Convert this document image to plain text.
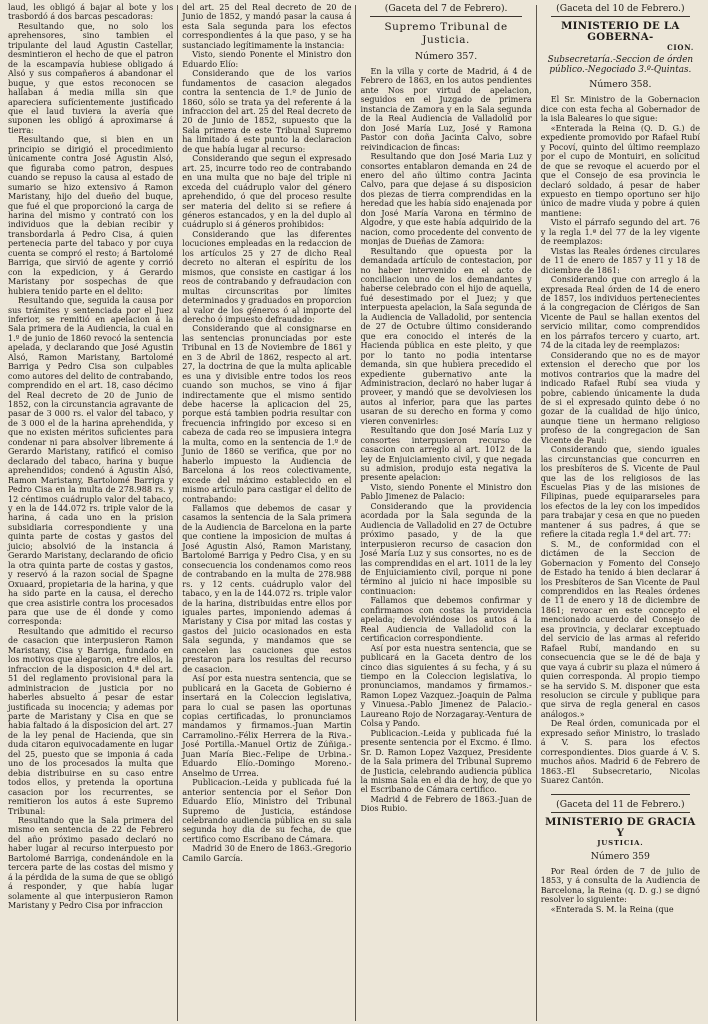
laud, les obligó á bajar al bote y los trasbordó á dos barcas pescadoras:

Resultando que, no solo los aprehensores, sino tambien el tripulante del laud Agustin Castellar, desmintieron el hecho de que el patron de la escampavía hubiese obligado á Alsó y sus compañeros á abandonar el buque, y que estos reconocen se hallaban á media milla sin que apareciera sufícientemente justificado que el laud tuviera la avería que suponen les obligó á aproximarse á tierra:

Resultando que, si bien en un principio se dirigió el procedimiento únicamente contra José Agustin Alsó, que figuraba como patron, despues cuando se repuso la causa al estado de sumario se hizo extensivo á Ramon Maristany, hijo del dueño del buque, que fué el que proporcionó la carga de harina del mismo y contrató con los individuos que la debian recibir y transbordarla á Pedro Cisa, á quien pertenecia parte del tabaco y por cuya cuenta se compró el resto; á Bartolomé Barriga, que sirvió de agente y corrió con la expedicion, y á Gerardo Maristany por sospechas de que hubiera tenido parte en el delito:

Resultando que, seguida la causa por sus trámites y sentenciada por el Juez inferior, se remitió en apelacion á la Sala primera de la Audiencia, la cual en 1.º de junio de 1860 revocó la sentencia apelada, y declarando que José Agustin Alsó, Ramon Maristany, Bartolomé Barriga y Pedro Cisa son culpables como autores del delito de contrabando, comprendido en el art. 18, caso décimo del Real decreto de 20 de Junio de 1852, con la circunstancia agravante de pasar de 3 000 rs. el valor del tabaco, y de 3 000 el de la harina aprehendida, y que no existen méritos suficientes para condenar ni para absolver libremente á Gerardo Maristany, ratificó el comiso declarado del tabaco, harina y buque aprehendidos; condenó á Agustin Alsó, Ramon Maristany, Bartolomé Barriga y Pedro Cisa en la multa de 278.988 rs. y 12 céntimos cuádruplo valor del tabaco, y en la de 144.072 rs. triple valor de la harina, á cada uno en la prision subsidiaria correspondiente y una quinta parte de costas y gastos del juicio; absolvió de la instancia á Gerardo Maristany, declarando de oficio la otra quinta parte de costas y gastos, y reservó á la razon social de Spagne Oxuaard, propietaria de la harina, y que ha sido parte en la causa, el derecho que crea asistirle contra los procesados para que use de él donde y como corresponda:

Resultando que admitido el recurso de casacion que interpusieron Ramon Maristany, Cisa y Barriga, fundado en los motivos que alegaron, entre ellos, la infraccion de la disposicion 4.ª del art. 51 del reglamento provisional para la administracion de justicia por no haberles absuelto á pesar de estar justificada su inocencia; y ademas por parte de Maristany y Cisa en que se habia faltado á la disposicion del art. 27 de la ley penal de Hacienda, que sin duda citaron equivocadamente en lugar del 25, puesto que se imponia á cada uno de los procesados la multa que debia distribuirse en su caso entre todos ellos, y pretenda la oportuna casacion por los recurrentes, se remitieron los autos á este Supremo Tribunal:

Resultando que la Sala primera del mismo en sentencia de 22 de Febrero del año próximo pasado declaró no haber lugar al recurso interpuesto por Bartolomé Barriga, condenándole en la tercera parte de las costas del mismo y á la pérdida de la suma de que se obligó á responder, y que había lugar solamente al que interpusieron Ramon Maristany y Pedro Cisa por infraccion

del art. 25 del Real decreto de 20 de Junio de 1852, y mandó pasar la causa á esta Sala segunda para los efectos correspondientes á la que paso, y se ha sustanciado legítimamente la instancia:

Visto, siendo Ponente el Ministro don Eduardo Elío:

Considerando que de los varios fundamentos de casacion alegados contra la sentencia de 1.º de Junio de 1860, sólo se trata ya del referente á la infraccion del art. 25 del Real decreto de 20 de Junio de 1852, supuesto que la Sala primera de este Tribunal Supremo ha limitado á este punto la declaracion de que había lugar al recurso:

Considerando que segun el expresado art. 25, incurre todo reo de contrabando en una multa que no baje del triple ni exceda del cuádruplo valor del género aprehendido, ó que del proceso resulte ser materia del delito si se refiere á géneros estancados, y en la del duplo al cuádruplo si á géneros prohibidos:

Considerando que las diferentes locuciones empleadas en la redaccion de los artículos 25 y 27 de dicho Real decreto no alteran el espíritu de los mismos, que consiste en castigar á los reos de contrabando y defraudacion con multas circunscritas por límites determinados y graduados en proporcion al valor de los géneros ó al importe del derecho ó impuesto defraudado:

Considerando que al consignarse en las sentencias pronunciadas por este Tribunal en 13 de Noviembre de 1861 y en 3 de Abril de 1862, respecto al art. 27, la doctrina de que la multa aplicable es una y divisible entre todos los reos cuando son muchos, se vino á fijar indirectamente que el mismo sentido debe hacerse la aplicacion del 25, porque está tambien podria resultar con frecuencia infringido por exceso si en cabeza de cada reo se impusiera integra la multa, como en la sentencia de 1.º de Junio de 1860 se verifica, que por no haberlo impuesto la Audiencia de Barcelona á los reos colectivamente, excede del máximo establecido en el mismo artículo para castigar el delito de contrabando:

Fallamos que debemos de casar y casamos la sentencia de la Sala primera de la Audiencia de Barcelona en la parte que contiene la imposicion de multas á José Agustin Alsó, Ramon Maristany, Bartolomé Barriga y Pedro Cisa, y en su consecuencia los condenamos como reos de contrabando en la multa de 278.988 rs. y 12 cents. cuádruplo valor del tabaco, y en la de 144.072 rs. triple valor de la harina, distribuidas entre ellos por iguales partes, imponiendo ademas á Maristany y Cisa por mitad las costas y gastos del juicio ocasionados en esta Sala segunda, y mandamos que se cancelen las cauciones que estos prestaron para los resultas del recurso de casacion.

Así por esta nuestra sentencia, que se publicará en la Gaceta de Gobierno é insertará en la Coleccion legislativa, para lo cual se pasen las oportunas copias certificadas, lo pronunciamos mandamos y firmamos.-Juan Martin Carramolino.-Félix Herrera de la Riva.-José Portilla.-Manuel Ortiz de Zúñiga.-Juan María Biec.-Felipe de Urbina.-Eduardo Elío.-Domingo Moreno.-Anselmo de Urrea.

Publicacion.-Leida y publicada fué la anterior sentencia por el Señor Don Eduardo Elío, Ministro del Tribunal Supremo de Justicia, estándose celebrando audiencia pública en su sala segunda hoy dia de su fecha, de que certifico como Escribano de Cámara.

Madrid 30 de Enero de 1863.-Gregorio Camilo García.

(Gaceta del 7 de Febrero).
Supremo Tribunal de Justicia.
Número 357.

En la villa y corte de Madrid, á 4 de Febrero de 1863, en los autos pendientes ante Nos por virtud de apelacion, seguidos en el Juzgado de primera instancia de Zamora y en la Sala segunda de la Real Audiencia de Valladolid por don José María Luz, José y Ramona Pastor con doña Jacinta Calvo, sobre reivindicacion de fincas:

Resultando que don José Maria Luz y consortes entablaron demanda en 24 de enero del año último contra Jacinta Calvo, para que dejase á su disposicion dos piezas de tierra comprendidas en la heredad que les había sido enajenada por don José María Varona en término de Algodre, y que este había adquirido de la nacion, como procedente del convento de monjas de Dueñas de Zamora:

Resultando que opuesta por la demandada artículo de contestacion, por no haber intervenido en el acto de conciliacion uno de los demandantes y haberse celebrado con el hijo de aquella, fué desestimado por el Juez; y que interpuesta apelacion, la Sala segunda de la Audiencia de Valladolid, por sentencia de 27 de Octubre último considerando que era conocido el interés de la Hacienda pública en este pleito, y que por lo tanto no podia intentarse demanda, sin que hubiera precedido el expediente gubernativo ante la Administracion, declaró no haber lugar á proveer, y mandó que se devolviesen los autos al inferior, para que las partes usaran de su derecho en forma y como vieren convenirles:

Resultando que don José María Luz y consortes interpusieron recurso de casacion con arreglo al art. 1012 de la ley de Enjuiciamiento civil, y que negada su admision, produjo esta negativa la presente apelacion:

Visto, siendo Ponente el Ministro don Pablo Jimenez de Palacio:

Considerando que la providencia acordada por la Sala segunda de la Audiencia de Valladolid en 27 de Octubre próximo pasado, y de la que interpusieron recurso de casacion don José María Luz y sus consortes, no es de las comprendidas en el art. 1011 de la ley de Enjuiciamiento civil, porque ni pone término al juicio ni hace imposible su continuacion:

Fallamos que debemos confirmar y confirmamos con costas la providencia apelada; devolviéndose los autos á la Real Audiencia de Valladolid con la certificacion correspondiente.

Así por esta nuestra sentencia, que se publicará en la Gaceta dentro de los cinco dias siguientes á su fecha, y á su tiempo en la Coleccion legislativa, lo pronunciamos, mandamos y firmamos.-Ramon Lopez Vazquez.-Joaquin de Palma y Vinuesa.-Pablo Jimenez de Palacio.-Laureano Rojo de Norzagaray.-Ventura de Colsa y Pando.

Publicacion.-Leida y publicada fué la presente sentencia por el Excmo. é Ilmo. Sr. D. Ramon Lopez Vazquez, Presidente de la Sala primera del Tribunal Supremo de Justicia, celebrando audiencia pública la misma Sala en el dia de hoy, de que yo el Escribano de Cámara certifico.

Madrid 4 de Febrero de 1863.-Juan de Dios Rubio.

(Gaceta del 10 de Febrero.)
MINISTERIO DE LA GOBERNA-
CION.
Subsecretaría.-Seccion de órden público.-Negociado 3.º-Quintas.
Número 358.

El Sr. Ministro de la Gobernacion dice con esta fecha al Gobernador de la isla Baleares lo que sigue:

«Enterada la Reina (Q. D. G.) de expediente promovido por Rafael Rubí y Pocoví, quinto del último reemplazo por el cupo de Montuiri, en solicitud de que se revoque el acuerdo por el que el Consejo de esa provincia le declaró soldado, á pesar de haber expuesto en tiempo oportuno ser hijo único de madre viuda y pobre á quien mantiene:

Visto el párrafo segundo del art. 76 y la regla 1.ª del 77 de la ley vigente de reemplazos:

Vistas las Reales órdenes circulares de 11 de enero de 1857 y 11 y 18 de diciembre de 1861:

Considerando que con arreglo á la expresada Real órden de 14 de enero de 1857, los individuos pertenecientes á la congregacion de Clérigos de San Vicente de Paul se hallan exentos del servicio militar, como comprendidos en los párrafos tercero y cuarto, art. 74 de la citada ley de reemplazos:

Considerando que no es de mayor extension el derecho que por los motivos contrarios que la madre del indicado Rafael Rubí sea viuda y pobre, cabiendo únicamente la duda de si el expresado quinto debe ó no gozar de la cualidad de hijo único, aunque tiene un hermano religioso profeso de la congregacion de San Vicente de Paul:

Considerando que, siendo iguales las circunstancias que concurren en los presbíteros de S. Vicente de Paul que las de los religiosos de las Escuelas Pias y de las misiones de Filipinas, puede equipararseles para los efectos de la ley con los impedidos para trabajar y cesa en que no pueden mantener á sus padres, á que se refiere la citada regla 1.ª del art. 77:

S. M., de conformidad con el dictámen de la Seccion de Gobernacion y Fomento del Consejo de Estado ha tenido á bien declarar á los Presbíteros de San Vicente de Paul comprendidos en las Reales órdenes de 11 de enero y 18 de diciembre de 1861; revocar en este concepto el mencionado acuerdo del Consejo de esa provincia, y declarar exceptuado del servicio de las armas al referido Rafael Rubí, mandando en su consecuencia que se le dé de baja y que vaya á cubrir su plaza el número á quien corresponda. Al propio tiempo se ha servido S. M. disponer que esta resolucion se circule y publique para que sirva de regla general en casos análogos.»

De Real órden, comunicada por el expresado señor Ministro, lo traslado á V. S. para los efectos correspondientes. Dios guarde á V. S. muchos años. Madrid 6 de Febrero de 1863.-El Subsecretario, Nicolas Suarez Cantón.

(Gaceta del 11 de Febrero.)
MINISTERIO DE GRACIA Y
JUSTICIA.
Número 359

Por Real órden de 7 de julio de 1853, y á consulta de la Audiencia de Barcelona, la Reina (q. D. g.) se dignó resolver lo siguiente:

«Enterada S. M. la Reina (que
